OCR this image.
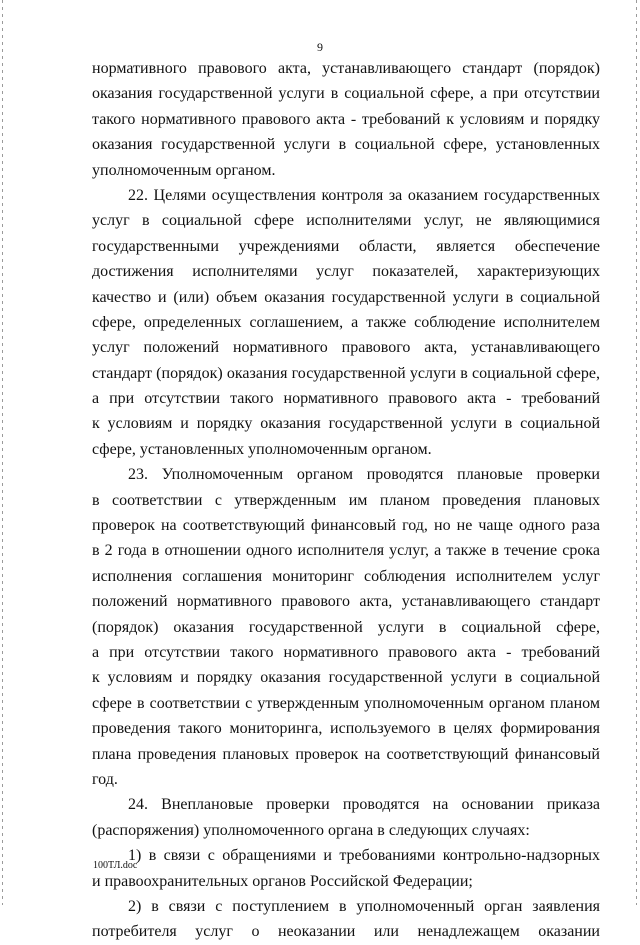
9
нормативного правового акта, устанавливающего стандарт (порядок)
оказания государственной услуги в социальной сфере, а при отсутствии
такого нормативного правового акта - требований к условиям и порядку
оказания государственной услуги в социальной сфере, установленных
уполномоченным органом.
22. Целями осуществления контроля за оказанием государственных
услуг в социальной сфере исполнителями услуг, не являющимися
государственными учреждениями области, является обеспечение
достижения исполнителями услуг показателей, характеризующих
качество и (или) объем оказания государственной услуги в социальной
сфере, определенных соглашением, а также соблюдение исполнителем
услуг положений нормативного правового акта, устанавливающего
стандарт (порядок) оказания государственной услуги в социальной сфере,
а при отсутствии такого нормативного правового акта - требований
к условиям и порядку оказания государственной услуги в социальной
сфере, установленных уполномоченным органом.
23. Уполномоченным органом проводятся плановые проверки
в соответствии с утвержденным им планом проведения плановых
проверок на соответствующий финансовый год, но не чаще одного раза
в 2 года в отношении одного исполнителя услуг, а также в течение срока
исполнения соглашения мониторинг соблюдения исполнителем услуг
положений нормативного правового акта, устанавливающего стандарт
(порядок) оказания государственной услуги в социальной сфере,
а при отсутствии такого нормативного правового акта - требований
к условиям и порядку оказания государственной услуги в социальной
сфере в соответствии с утвержденным уполномоченным органом планом
проведения такого мониторинга, используемого в целях формирования
плана проведения плановых проверок на соответствующий финансовый
год.
24. Внеплановые проверки проводятся на основании приказа
(распоряжения) уполномоченного органа в следующих случаях:
1) в связи с обращениями и требованиями контрольно-надзорных
и правоохранительных органов Российской Федерации;
2) в связи с поступлением в уполномоченный орган заявления
потребителя услуг о неоказании или ненадлежащем оказании
100ТЛ.doc
